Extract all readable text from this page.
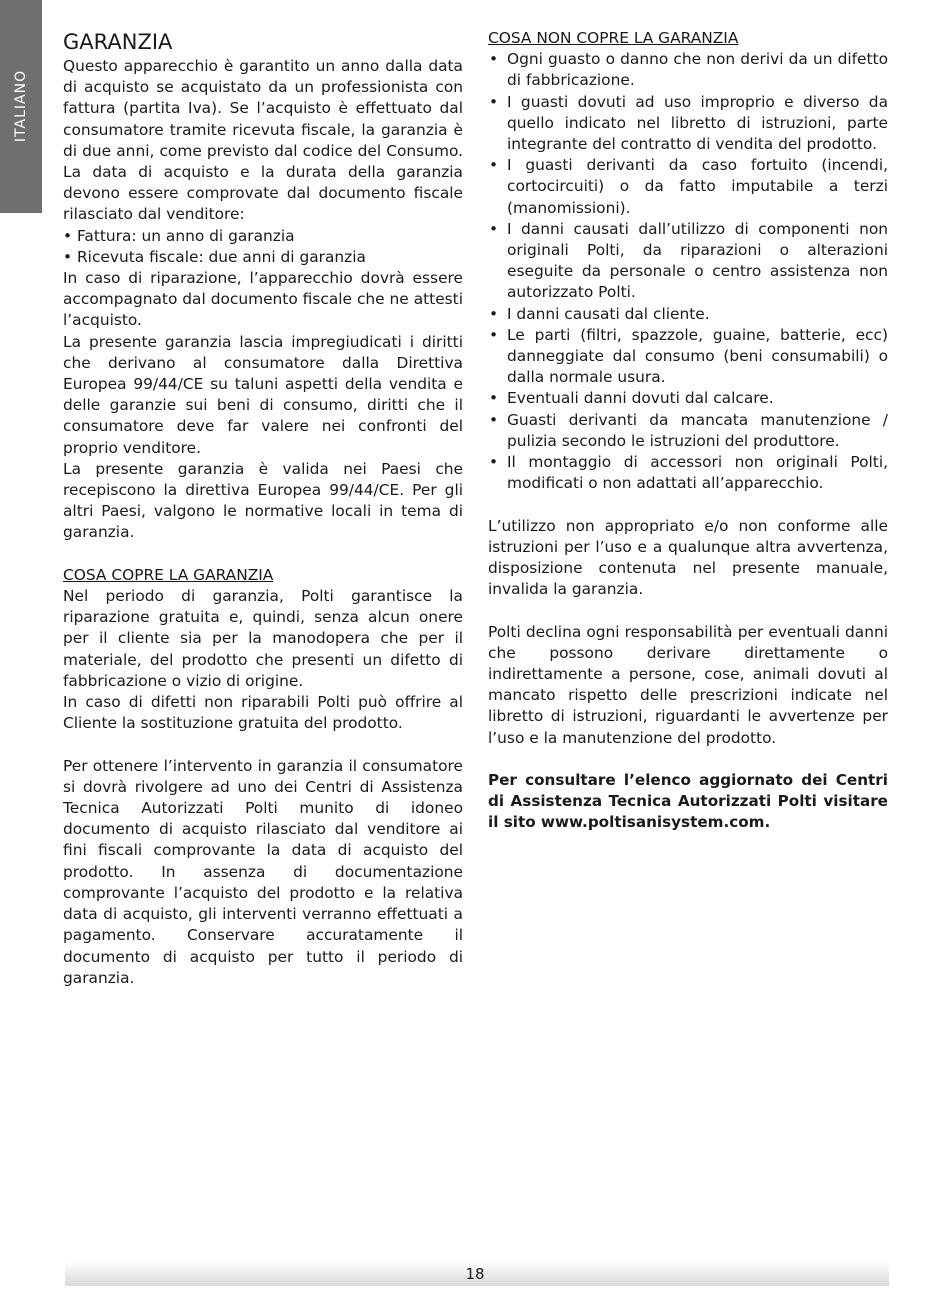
ITALIANO
GARANZIA

Questo apparecchio è garantito un anno dalla data di acquisto se acquistato da un professionista con fattura (partita Iva). Se l’acquisto è effettuato dal consumatore tramite ricevuta fiscale, la garanzia è di due anni, come previsto dal codice del Consumo. La data di acquisto e la durata della garanzia devono essere comprovate dal documento fiscale rilasciato dal venditore:

• Fattura: un anno di garanzia

• Ricevuta fiscale: due anni di garanzia

In caso di riparazione, l’apparecchio dovrà essere accompagnato dal documento fiscale che ne attesti l’acquisto.

La presente garanzia lascia impregiudicati i diritti che derivano al consumatore dalla Direttiva Europea 99/44/CE su taluni aspetti della vendita e delle garanzie sui beni di consumo, diritti che il consumatore deve far valere nei confronti del proprio venditore.

La presente garanzia è valida nei Paesi che recepiscono la direttiva Europea 99/44/CE. Per gli altri Paesi, valgono le normative locali in tema di garanzia.

COSA COPRE LA GARANZIA

Nel periodo di garanzia, Polti garantisce la riparazione gratuita e, quindi, senza alcun onere per il cliente sia per la manodopera che per il materiale, del prodotto che presenti un difetto di fabbricazione o vizio di origine.

In caso di difetti non riparabili Polti può offrire al Cliente la sostituzione gratuita del prodotto.

Per ottenere l’intervento in garanzia il consumatore si dovrà rivolgere ad uno dei Centri di Assistenza Tecnica Autorizzati Polti munito di idoneo documento di acquisto rilasciato dal venditore ai fini fiscali comprovante la data di acquisto del prodotto. In assenza di documentazione comprovante l’acquisto del prodotto e la relativa data di acquisto, gli interventi verranno effettuati a pagamento. Conservare accuratamente il documento di acquisto per tutto il periodo di garanzia.

COSA NON COPRE LA GARANZIA

• Ogni guasto o danno che non derivi da un difetto di fabbricazione.
• I guasti dovuti ad uso improprio e diverso da quello indicato nel libretto di istruzioni, parte integrante del contratto di vendita del prodotto.
• I guasti derivanti da caso fortuito (incendi, cortocircuiti) o da fatto imputabile a terzi (manomissioni).
• I danni causati dall’utilizzo di componenti non originali Polti, da riparazioni o alterazioni eseguite da personale o centro assistenza non autorizzato Polti.
• I danni causati dal cliente.
• Le parti (filtri, spazzole, guaine, batterie, ecc) danneggiate dal consumo (beni consumabili) o dalla normale usura.
• Eventuali danni dovuti dal calcare.
• Guasti derivanti da mancata manutenzione / pulizia secondo le istruzioni del produttore.
• Il montaggio di accessori non originali Polti, modificati o non adattati all’apparecchio.

L’utilizzo non appropriato e/o non conforme alle istruzioni per l’uso e a qualunque altra avvertenza, disposizione contenuta nel presente manuale, invalida la garanzia.

Polti declina ogni responsabilità per eventuali danni che possono derivare direttamente o indirettamente a persone, cose, animali dovuti al mancato rispetto delle prescrizioni indicate nel libretto di istruzioni, riguardanti le avvertenze per l’uso e la manutenzione del prodotto.

Per consultare l’elenco aggiornato dei Centri di Assistenza Tecnica Autorizzati Polti visitare il sito www.poltisanisystem.com.

18
